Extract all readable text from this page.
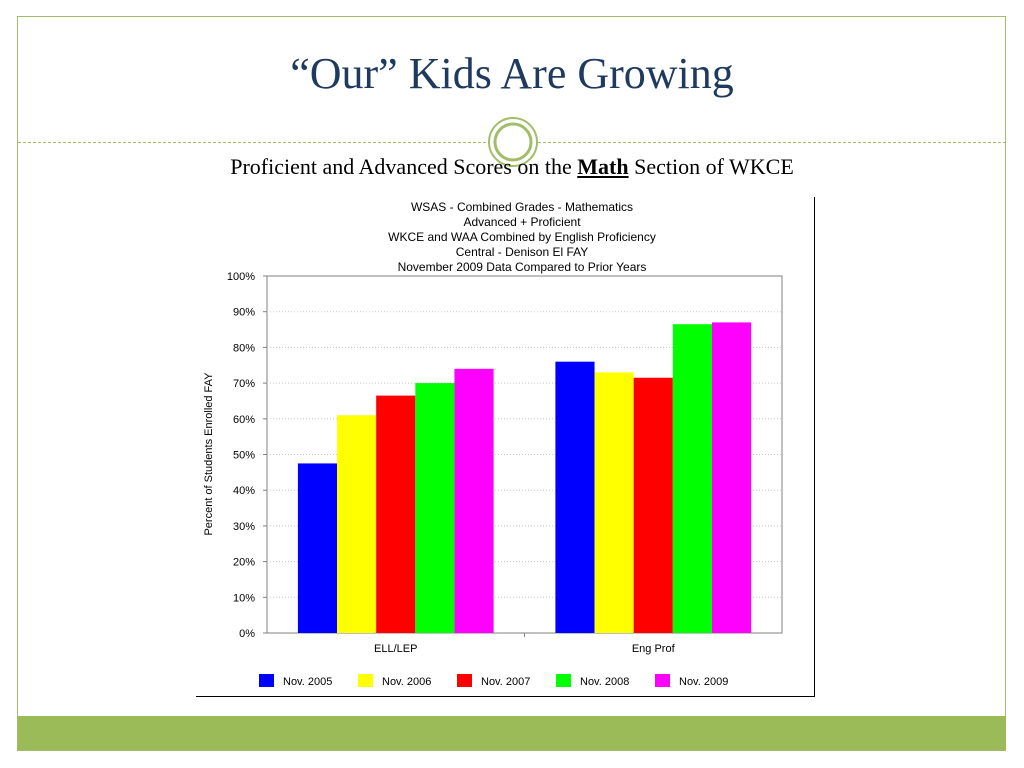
“Our” Kids Are Growing
Proficient and Advanced Scores on the Math Section of WKCE
WSAS - Combined Grades - Mathematics
Advanced + Proficient
WKCE and WAA Combined by English Proficiency
Central - Denison El FAY
November 2009 Data Compared to Prior Years
0%
10%
20%
30%
40%
50%
60%
70%
80%
90%
100%
ELL/LEP	Eng Prof
Percent of Students Enrolled FAY
Nov. 2005	Nov. 2006	Nov. 2007	Nov. 2008	Nov. 2009
